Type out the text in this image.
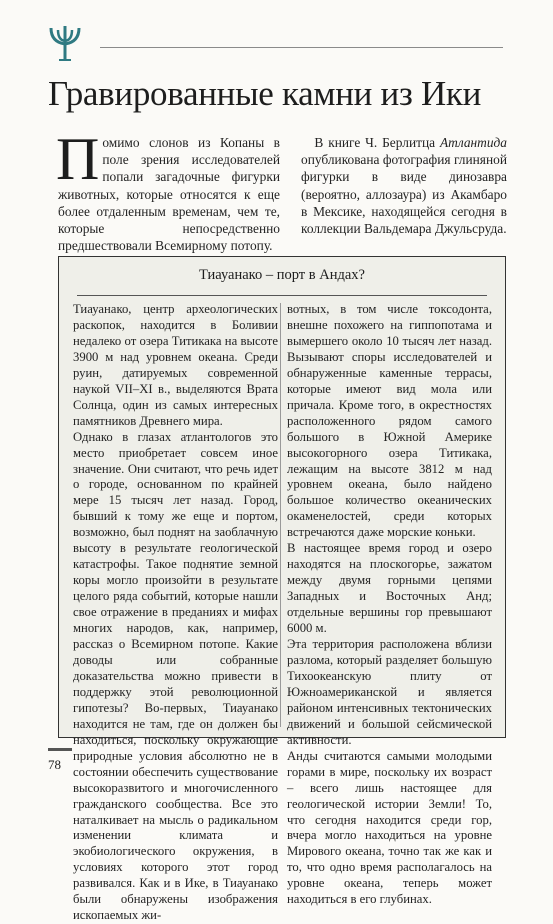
Гравированные камни из Ики

Помимо слонов из Копаны в поле зрения исследователей попали загадочные фигурки животных, которые относятся к еще более отдаленным временам, чем те, которые непосредственно предшествовали Всемирному потопу.

 В книге Ч. Берлитца Атлантида опубликована фотография глиняной фигурки в виде динозавра (вероятно, аллозаура) из Акамбаро в Мексике, находящейся сегодня в коллекции Вальдемара Джульсруда.

Тиауанако – порт в Андах?

Тиауанако, центр археологических раскопок, находится в Боливии недалеко от озера Титикака на высоте 3900 м над уровнем океана. Среди руин, датируемых современной наукой VII–XI в., выделяются Врата Солнца, один из самых интересных памятников Древнего мира.

Однако в глазах атлантологов это место приобретает совсем иное значение. Они считают, что речь идет о городе, основанном по крайней мере 15 тысяч лет назад. Город, бывший к тому же еще и портом, возможно, был поднят на заоблачную высоту в результате геологической катастрофы. Такое поднятие земной коры могло произойти в результате целого ряда событий, которые нашли свое отражение в преданиях и мифах многих народов, как, например, рассказ о Всемирном потопе. Какие доводы или собранные доказательства можно привести в поддержку этой революционной гипотезы? Во-первых, Тиауанако находится не там, где он должен бы находиться, поскольку окружающие природные условия абсолютно не в состоянии обеспечить существование высокоразвитого и многочисленного гражданского сообщества. Все это наталкивает на мысль о радикальном изменении климата и экобиологического окружения, в условиях которого этот город развивался. Как и в Ике, в Тиауанако были обнаружены изображения ископаемых жи-

вотных, в том числе токсодонта, внешне похожего на гиппопотама и вымершего около 10 тысяч лет назад. Вызывают споры исследователей и обнаруженные каменные террасы, которые имеют вид мола или причала. Кроме того, в окрестностях расположенного рядом самого большого в Южной Америке высокогорного озера Титикака, лежащим на высоте 3812 м над уровнем океана, было найдено большое количество океанических окаменелостей, среди которых встречаются даже морские коньки.

В настоящее время город и озеро находятся на плоскогорье, зажатом между двумя горными цепями Западных и Восточных Анд; отдельные вершины гор превышают 6000 м.

Эта территория расположена вблизи разлома, который разделяет большую Тихоокеанскую плиту от Южноамериканской и является районом интенсивных тектонических движений и большой сейсмической активности.

Анды считаются самыми молодыми горами в мире, поскольку их возраст – всего лишь настоящее для геологической истории Земли! То, что сегодня находится среди гор, вчера могло находиться на уровне Мирового океана, точно так же как и то, что одно время располагалось на уровне океана, теперь может находиться в его глубинах.

78
